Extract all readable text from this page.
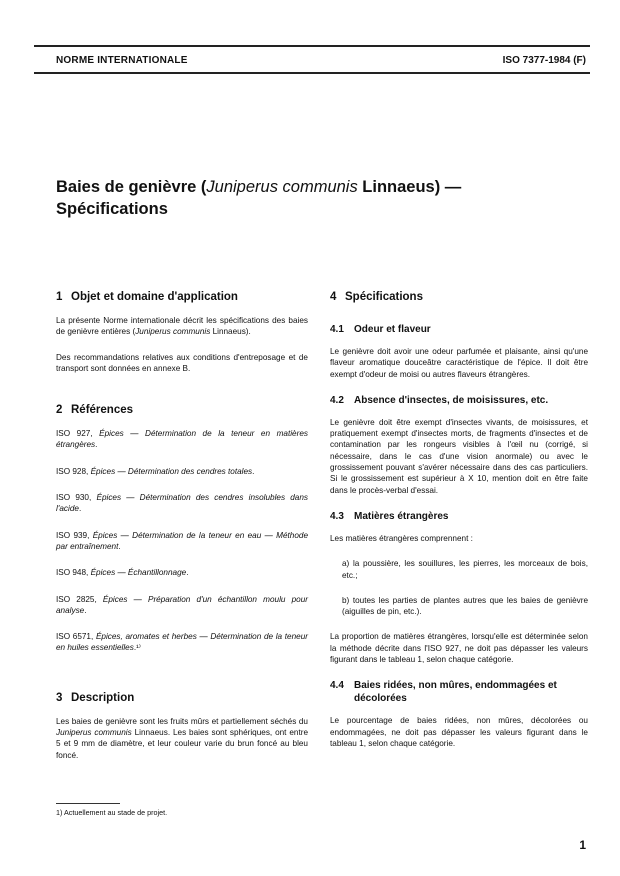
NORME INTERNATIONALE	ISO 7377-1984 (F)
Baies de genièvre (Juniperus communis Linnaeus) —
Spécifications
1 Objet et domaine d'application

La présente Norme internationale décrit les spécifications des baies de genièvre entières (Juniperus communis Linnaeus).

Des recommandations relatives aux conditions d'entreposage et de transport sont données en annexe B.

2 Références

ISO 927, Épices — Détermination de la teneur en matières étrangères.

ISO 928, Épices — Détermination des cendres totales.

ISO 930, Épices — Détermination des cendres insolubles dans l'acide.

ISO 939, Épices — Détermination de la teneur en eau — Méthode par entraînement.

ISO 948, Épices — Échantillonnage.

ISO 2825, Épices — Préparation d'un échantillon moulu pour analyse.

ISO 6571, Épices, aromates et herbes — Détermination de la teneur en huiles essentielles.¹⁾

3 Description

Les baies de genièvre sont les fruits mûrs et partiellement séchés du Juniperus communis Linnaeus. Les baies sont sphériques, ont entre 5 et 9 mm de diamètre, et leur couleur varie du brun foncé au bleu foncé.

4 Spécifications
4.1 Odeur et flaveur

Le genièvre doit avoir une odeur parfumée et plaisante, ainsi qu'une flaveur aromatique douceâtre caractéristique de l'épice. Il doit être exempt d'odeur de moisi ou autres flaveurs étrangères.

4.2 Absence d'insectes, de moisissures, etc.

Le genièvre doit être exempt d'insectes vivants, de moisissures, et pratiquement exempt d'insectes morts, de fragments d'insectes et de contamination par les rongeurs visibles à l'œil nu (corrigé, si nécessaire, dans le cas d'une vision anormale) ou avec le grossissement pouvant s'avérer nécessaire dans des cas particuliers. Si le grossissement est supérieur à X 10, mention doit en être faite dans le procès-verbal d'essai.

4.3 Matières étrangères

Les matières étrangères comprennent :

a) la poussière, les souillures, les pierres, les morceaux de bois, etc.;

b) toutes les parties de plantes autres que les baies de genièvre (aiguilles de pin, etc.).

La proportion de matières étrangères, lorsqu'elle est déterminée selon la méthode décrite dans l'ISO 927, ne doit pas dépasser les valeurs figurant dans le tableau 1, selon chaque catégorie.

4.4	Baies ridées, non mûres, endommagées et décolorées

Le pourcentage de baies ridées, non mûres, décolorées ou endommagées, ne doit pas dépasser les valeurs figurant dans le tableau 1, selon chaque catégorie.

1) Actuellement au stade de projet.
1
